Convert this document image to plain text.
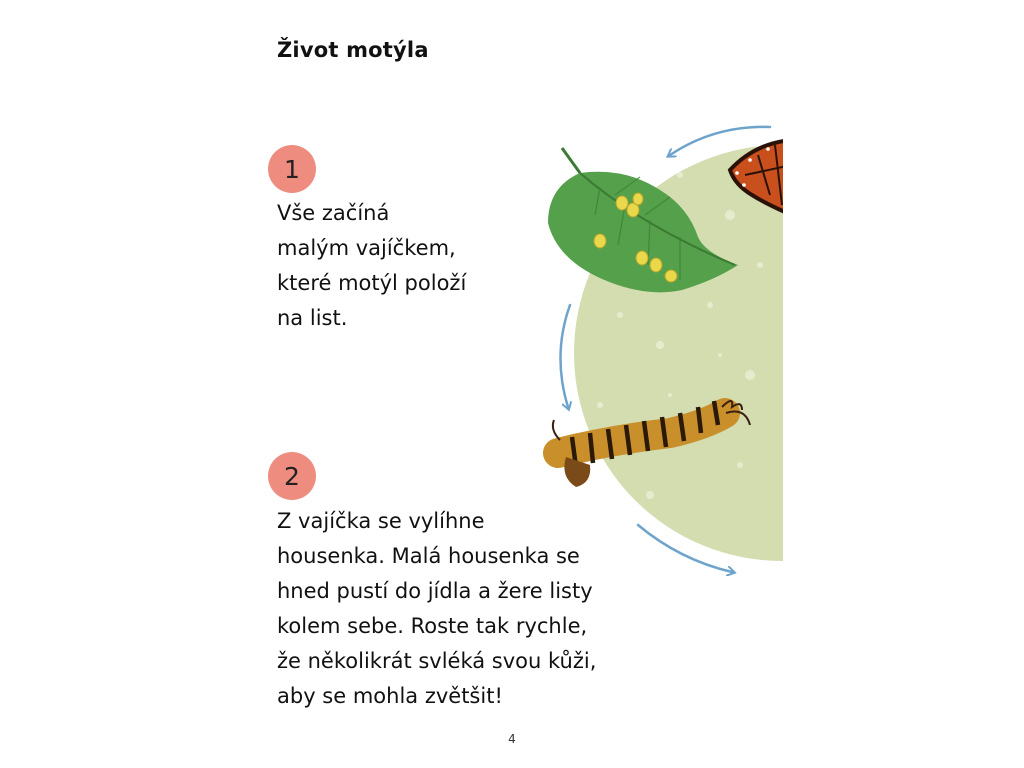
Život motýla
1

Vše začíná
malým vajíčkem,
které motýl položí
na list.

2

Z vajíčka se vylíhne
housenka. Malá housenka se
hned pustí do jídla a žere listy
kolem sebe. Roste tak rychle,
že několikrát svléká svou kůži,
aby se mohla zvětšit!

4
